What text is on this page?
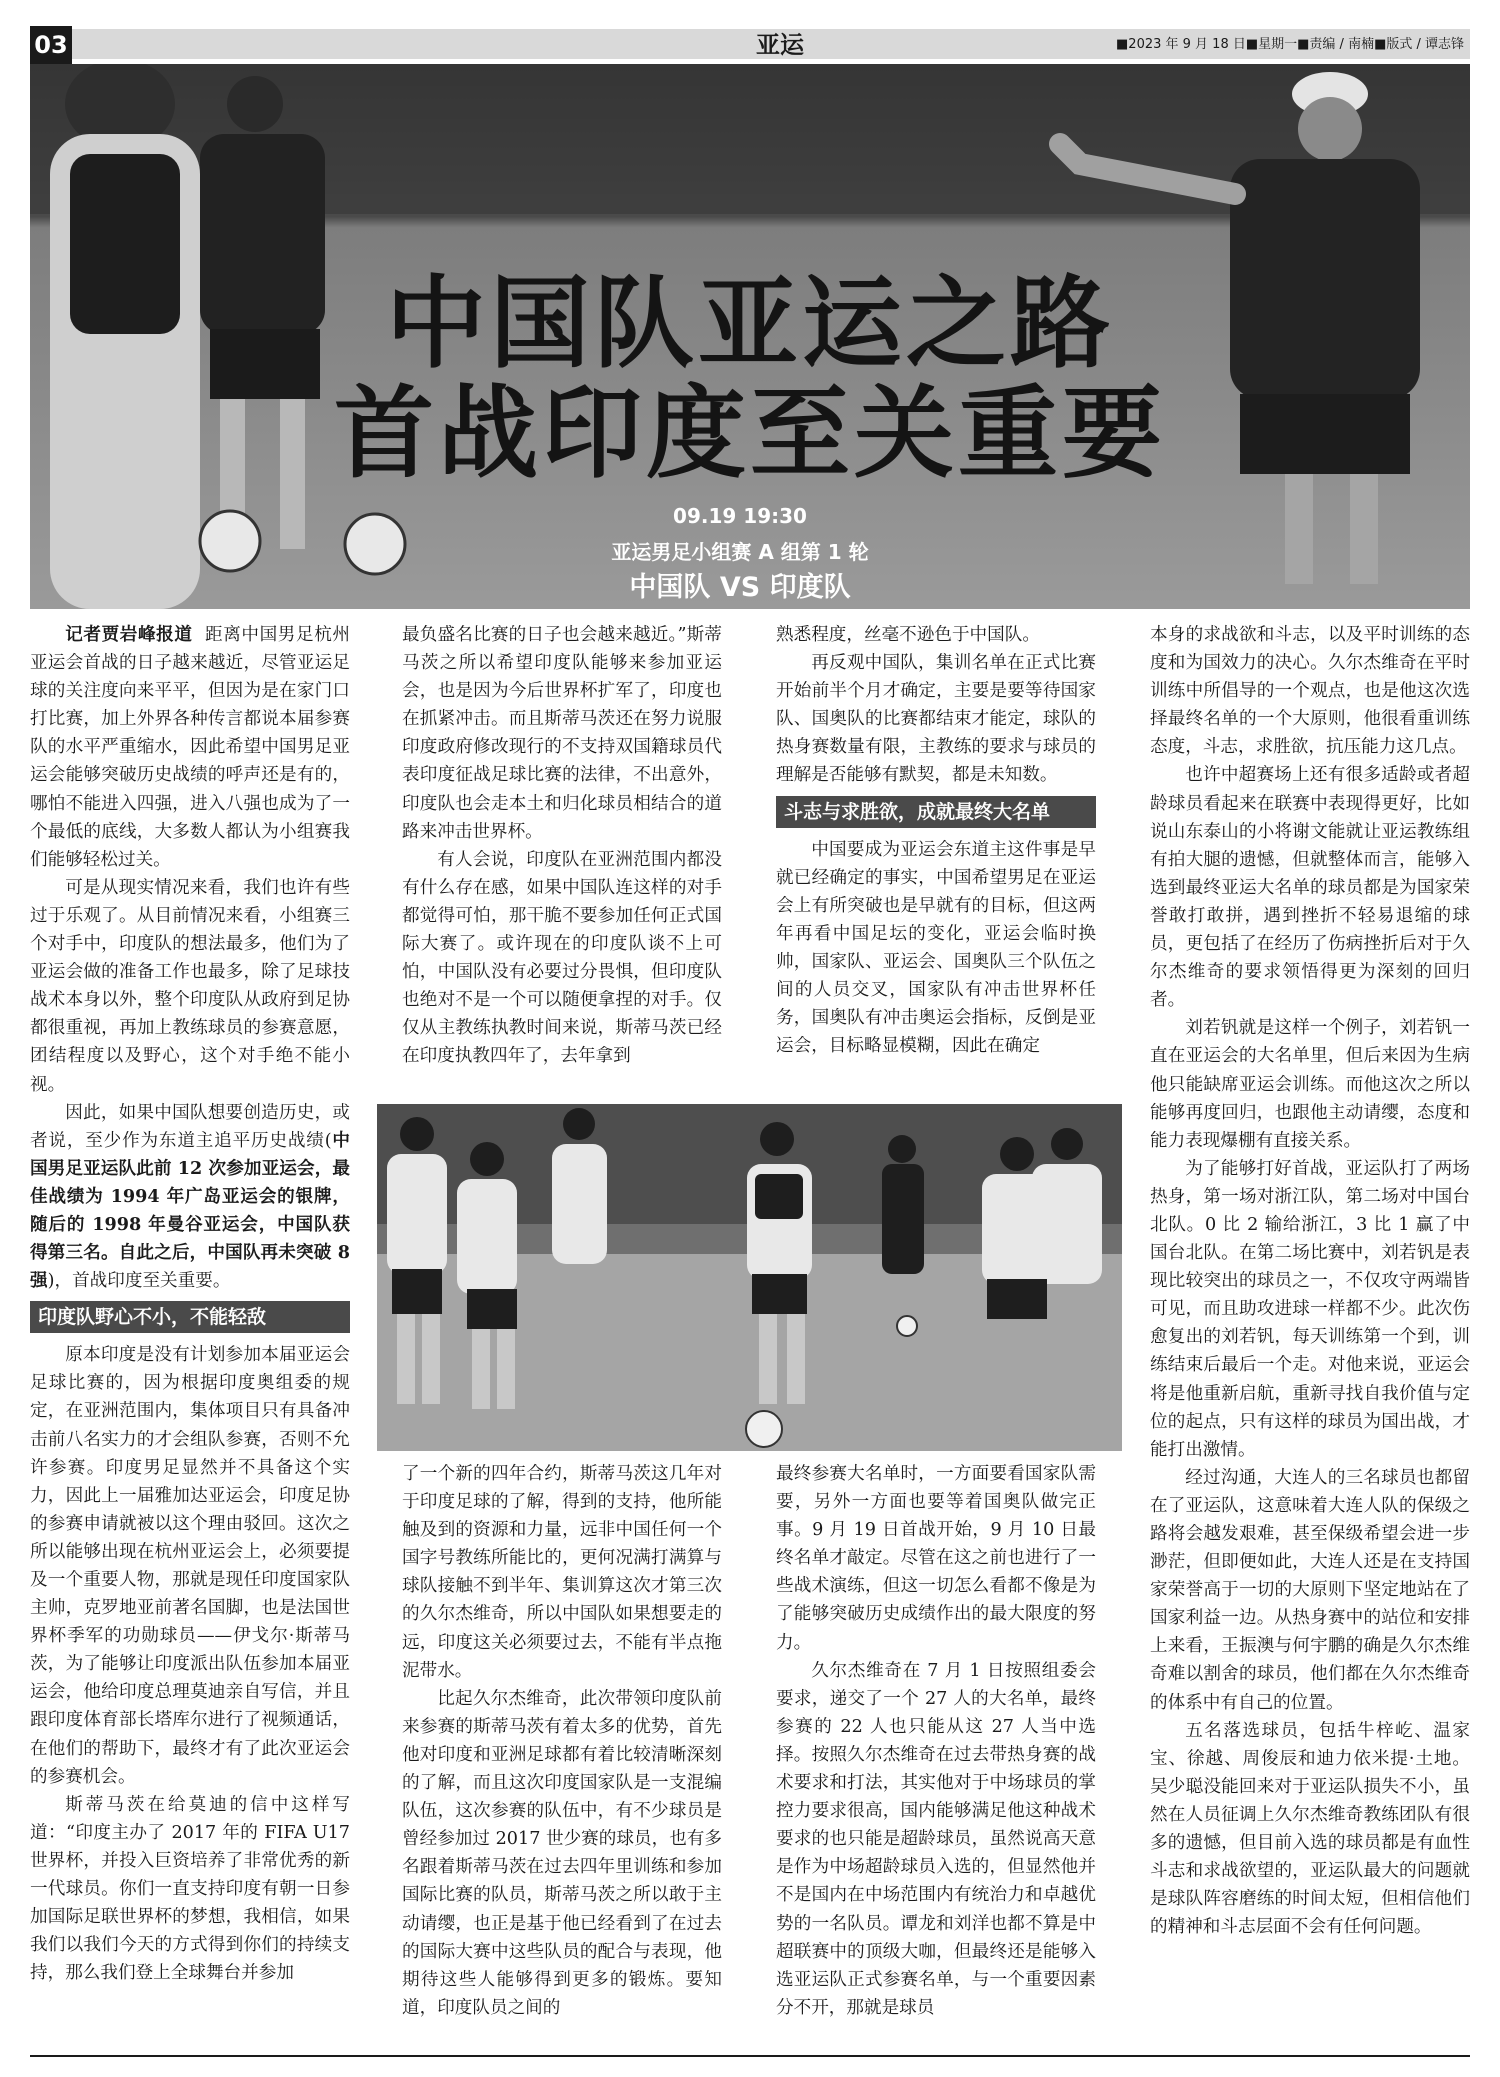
03	亚运	■2023 年 9 月 18 日■星期一■责编 / 南楠■版式 / 谭志锋
中国队亚运之路
首战印度至关重要
09.19 19:30
亚运男足小组赛 A 组第 1 轮
中国队 VS 印度队

记者贾岩峰报道 距离中国男足杭州亚运会首战的日子越来越近，尽管亚运足球的关注度向来平平，但因为是在家门口打比赛，加上外界各种传言都说本届参赛队的水平严重缩水，因此希望中国男足亚运会能够突破历史战绩的呼声还是有的，哪怕不能进入四强，进入八强也成为了一个最低的底线，大多数人都认为小组赛我们能够轻松过关。

可是从现实情况来看，我们也许有些过于乐观了。从目前情况来看，小组赛三个对手中，印度队的想法最多，他们为了亚运会做的准备工作也最多，除了足球技战术本身以外，整个印度队从政府到足协都很重视，再加上教练球员的参赛意愿，团结程度以及野心，这个对手绝不能小视。

因此，如果中国队想要创造历史，或者说，至少作为东道主追平历史战绩(中国男足亚运队此前 12 次参加亚运会，最佳战绩为 1994 年广岛亚运会的银牌，随后的 1998 年曼谷亚运会，中国队获得第三名。自此之后，中国队再未突破 8 强)，首战印度至关重要。

印度队野心不小，不能轻敌

原本印度是没有计划参加本届亚运会足球比赛的，因为根据印度奥组委的规定，在亚洲范围内，集体项目只有具备冲击前八名实力的才会组队参赛，否则不允许参赛。印度男足显然并不具备这个实力，因此上一届雅加达亚运会，印度足协的参赛申请就被以这个理由驳回。这次之所以能够出现在杭州亚运会上，必须要提及一个重要人物，那就是现任印度国家队主帅，克罗地亚前著名国脚，也是法国世界杯季军的功勋球员——伊戈尔·斯蒂马茨，为了能够让印度派出队伍参加本届亚运会，他给印度总理莫迪亲自写信，并且跟印度体育部长塔库尔进行了视频通话，在他们的帮助下，最终才有了此次亚运会的参赛机会。

斯蒂马茨在给莫迪的信中这样写道：“印度主办了 2017 年的 FIFA U17 世界杯，并投入巨资培养了非常优秀的新一代球员。你们一直支持印度有朝一日参加国际足联世界杯的梦想，我相信，如果我们以我们今天的方式得到你们的持续支持，那么我们登上全球舞台并参加

最负盛名比赛的日子也会越来越近。”斯蒂马茨之所以希望印度队能够来参加亚运会，也是因为今后世界杯扩军了，印度也在抓紧冲击。而且斯蒂马茨还在努力说服印度政府修改现行的不支持双国籍球员代表印度征战足球比赛的法律，不出意外，印度队也会走本土和归化球员相结合的道路来冲击世界杯。

有人会说，印度队在亚洲范围内都没有什么存在感，如果中国队连这样的对手都觉得可怕，那干脆不要参加任何正式国际大赛了。或许现在的印度队谈不上可怕，中国队没有必要过分畏惧，但印度队也绝对不是一个可以随便拿捏的对手。仅仅从主教练执教时间来说，斯蒂马茨已经在印度执教四年了，去年拿到

熟悉程度，丝毫不逊色于中国队。

再反观中国队，集训名单在正式比赛开始前半个月才确定，主要是要等待国家队、国奥队的比赛都结束才能定，球队的热身赛数量有限，主教练的要求与球员的理解是否能够有默契，都是未知数。

斗志与求胜欲，成就最终大名单

中国要成为亚运会东道主这件事是早就已经确定的事实，中国希望男足在亚运会上有所突破也是早就有的目标，但这两年再看中国足坛的变化，亚运会临时换帅，国家队、亚运会、国奥队三个队伍之间的人员交叉，国家队有冲击世界杯任务，国奥队有冲击奥运会指标，反倒是亚运会，目标略显模糊，因此在确定

了一个新的四年合约，斯蒂马茨这几年对于印度足球的了解，得到的支持，他所能触及到的资源和力量，远非中国任何一个国字号教练所能比的，更何况满打满算与球队接触不到半年、集训算这次才第三次的久尔杰维奇，所以中国队如果想要走的远，印度这关必须要过去，不能有半点拖泥带水。

比起久尔杰维奇，此次带领印度队前来参赛的斯蒂马茨有着太多的优势，首先他对印度和亚洲足球都有着比较清晰深刻的了解，而且这次印度国家队是一支混编队伍，这次参赛的队伍中，有不少球员是曾经参加过 2017 世少赛的球员，也有多名跟着斯蒂马茨在过去四年里训练和参加国际比赛的队员，斯蒂马茨之所以敢于主动请缨，也正是基于他已经看到了在过去的国际大赛中这些队员的配合与表现，他期待这些人能够得到更多的锻炼。要知道，印度队员之间的

最终参赛大名单时，一方面要看国家队需要，另外一方面也要等着国奥队做完正事。9 月 19 日首战开始，9 月 10 日最终名单才敲定。尽管在这之前也进行了一些战术演练，但这一切怎么看都不像是为了能够突破历史成绩作出的最大限度的努力。

久尔杰维奇在 7 月 1 日按照组委会要求，递交了一个 27 人的大名单，最终参赛的 22 人也只能从这 27 人当中选择。按照久尔杰维奇在过去带热身赛的战术要求和打法，其实他对于中场球员的掌控力要求很高，国内能够满足他这种战术要求的也只能是超龄球员，虽然说高天意是作为中场超龄球员入选的，但显然他并不是国内在中场范围内有统治力和卓越优势的一名队员。谭龙和刘洋也都不算是中超联赛中的顶级大咖，但最终还是能够入选亚运队正式参赛名单，与一个重要因素分不开，那就是球员

本身的求战欲和斗志，以及平时训练的态度和为国效力的决心。久尔杰维奇在平时训练中所倡导的一个观点，也是他这次选择最终名单的一个大原则，他很看重训练态度，斗志，求胜欲，抗压能力这几点。

也许中超赛场上还有很多适龄或者超龄球员看起来在联赛中表现得更好，比如说山东泰山的小将谢文能就让亚运教练组有拍大腿的遗憾，但就整体而言，能够入选到最终亚运大名单的球员都是为国家荣誉敢打敢拼，遇到挫折不轻易退缩的球员，更包括了在经历了伤病挫折后对于久尔杰维奇的要求领悟得更为深刻的回归者。

刘若钒就是这样一个例子，刘若钒一直在亚运会的大名单里，但后来因为生病他只能缺席亚运会训练。而他这次之所以能够再度回归，也跟他主动请缨，态度和能力表现爆棚有直接关系。

为了能够打好首战，亚运队打了两场热身，第一场对浙江队，第二场对中国台北队。0 比 2 输给浙江，3 比 1 赢了中国台北队。在第二场比赛中，刘若钒是表现比较突出的球员之一，不仅攻守两端皆可见，而且助攻进球一样都不少。此次伤愈复出的刘若钒，每天训练第一个到，训练结束后最后一个走。对他来说，亚运会将是他重新启航，重新寻找自我价值与定位的起点，只有这样的球员为国出战，才能打出激情。

经过沟通，大连人的三名球员也都留在了亚运队，这意味着大连人队的保级之路将会越发艰难，甚至保级希望会进一步渺茫，但即便如此，大连人还是在支持国家荣誉高于一切的大原则下坚定地站在了国家利益一边。从热身赛中的站位和安排上来看，王振澳与何宇鹏的确是久尔杰维奇难以割舍的球员，他们都在久尔杰维奇的体系中有自己的位置。

五名落选球员，包括牛梓屹、温家宝、徐越、周俊辰和迪力依米提·土地。吴少聪没能回来对于亚运队损失不小，虽然在人员征调上久尔杰维奇教练团队有很多的遗憾，但目前入选的球员都是有血性斗志和求战欲望的，亚运队最大的问题就是球队阵容磨练的时间太短，但相信他们的精神和斗志层面不会有任何问题。
